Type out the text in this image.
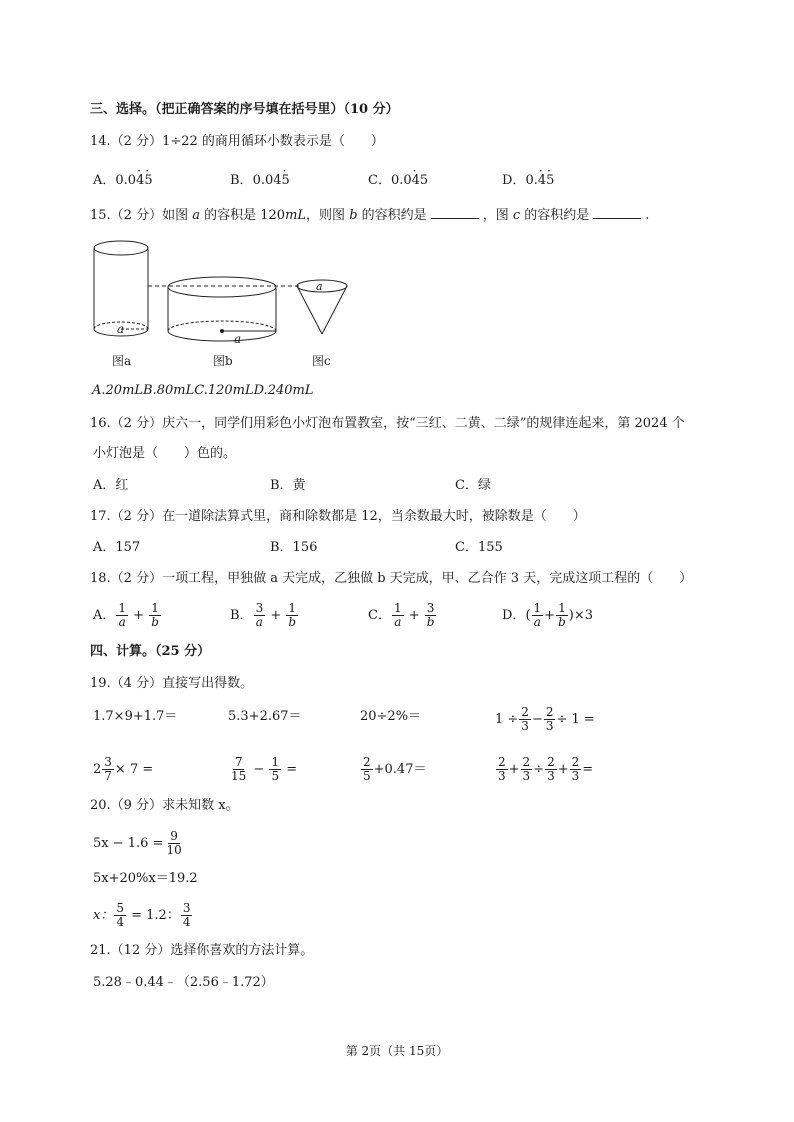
三、选择。（把正确答案的序号填在括号里）（10 分）
14.（2 分）1÷22 的商用循环小数表示是（　　）
A．0.0· 4· 5	B．0.04· 5	C．0.0· 45	D．0.· 4· 5
15.（2 分）如图 a 的容积是 120mL，则图 b 的容积约是	，图 c 的容积约是	.
a
a
a
图a	图b	图c
A.20mLB.80mLC.120mLD.240mL
16.（2 分）庆六一，同学们用彩色小灯泡布置教室，按“三红、二黄、二绿”的规律连起来，第 2024 个
小灯泡是（　　）色的。
A．红	B．黄	C．绿
17.（2 分）在一道除法算式里，商和除数都是 12，当余数最大时，被除数是（　　）
A．157	B．156	C．155
18.（2 分）一项工程，甲独做 a 天完成，乙独做 b 天完成，甲、乙合作 3 天，完成这项工程的（　　）
A． $\frac{1}{a} + \frac{1}{b}$	B． $\frac{3}{a} + \frac{1}{b}$	C． $\frac{1}{a} + \frac{3}{b}$	D．( $\frac{1}{a} + \frac{1}{b} )\times 3$
四、计算。（25 分）
19.（4 分）直接写出得数。
1.7×9+1.7＝	5.3+2.67＝	20÷2%＝	$1 \div \frac{2}{3} - \frac{2}{3} \div 1$ =
$2 \frac{3}{7} \times 7$ =	$\frac{7}{15} - \frac{1}{5}$ =	$\frac{2}{5} +0.47=$	$\frac{2}{3} + \frac{2}{3} \div \frac{2}{3} + \frac{2}{3}$ =
20.（9 分）求未知数 x。
$5x - 1.6 = \frac{9}{10}$
5x+20%x＝19.2
x： $\frac{5}{4} = 1.2$： $\frac{3}{4}$
21.（12 分）选择你喜欢的方法计算。
5.28﹣0.44﹣（2.56﹣1.72）
第 2页（共 15页）
